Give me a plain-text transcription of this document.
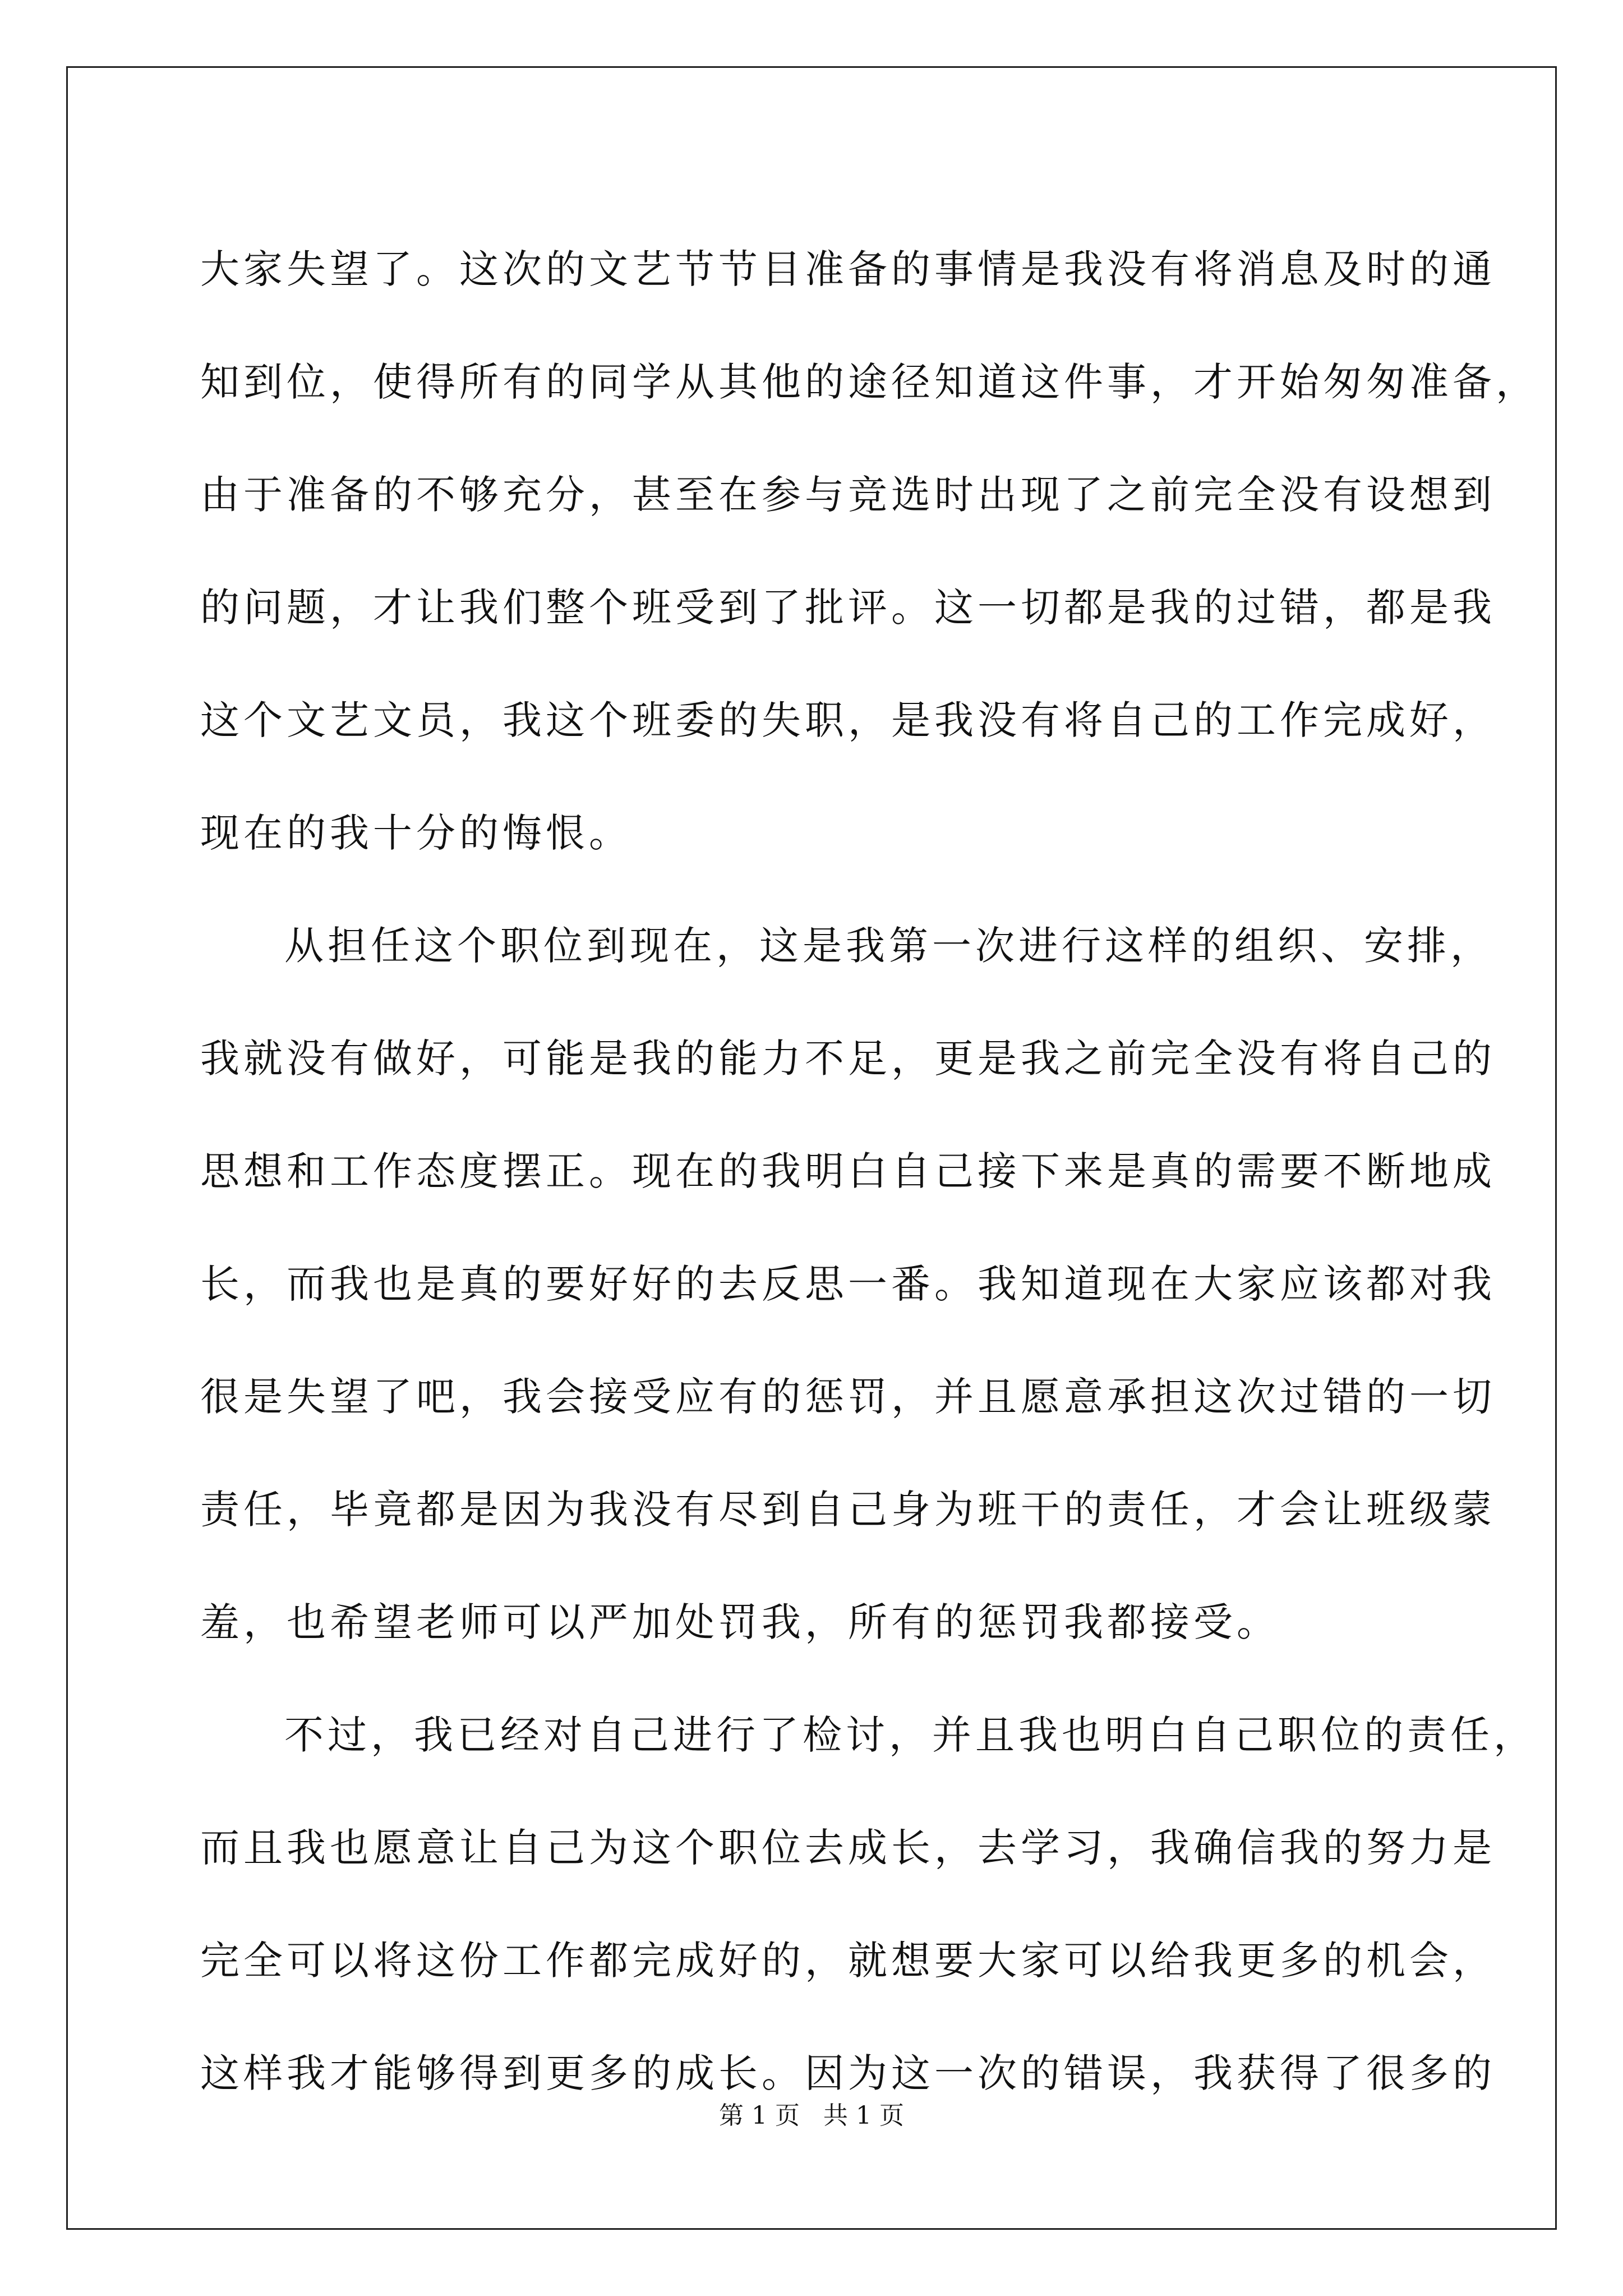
大家失望了。这次的文艺节节目准备的事情是我没有将消息及时的通
知到位，使得所有的同学从其他的途径知道这件事，才开始匆匆准备，
由于准备的不够充分，甚至在参与竞选时出现了之前完全没有设想到
的问题，才让我们整个班受到了批评。这一切都是我的过错，都是我
这个文艺文员，我这个班委的失职，是我没有将自己的工作完成好，
现在的我十分的悔恨。
从担任这个职位到现在，这是我第一次进行这样的组织、安排，
我就没有做好，可能是我的能力不足，更是我之前完全没有将自己的
思想和工作态度摆正。现在的我明白自己接下来是真的需要不断地成
长，而我也是真的要好好的去反思一番。我知道现在大家应该都对我
很是失望了吧，我会接受应有的惩罚，并且愿意承担这次过错的一切
责任，毕竟都是因为我没有尽到自己身为班干的责任，才会让班级蒙
羞，也希望老师可以严加处罚我，所有的惩罚我都接受。
不过，我已经对自己进行了检讨，并且我也明白自己职位的责任，
而且我也愿意让自己为这个职位去成长，去学习，我确信我的努力是
完全可以将这份工作都完成好的，就想要大家可以给我更多的机会，
这样我才能够得到更多的成长。因为这一次的错误，我获得了很多的
第 1 页   共 1 页
